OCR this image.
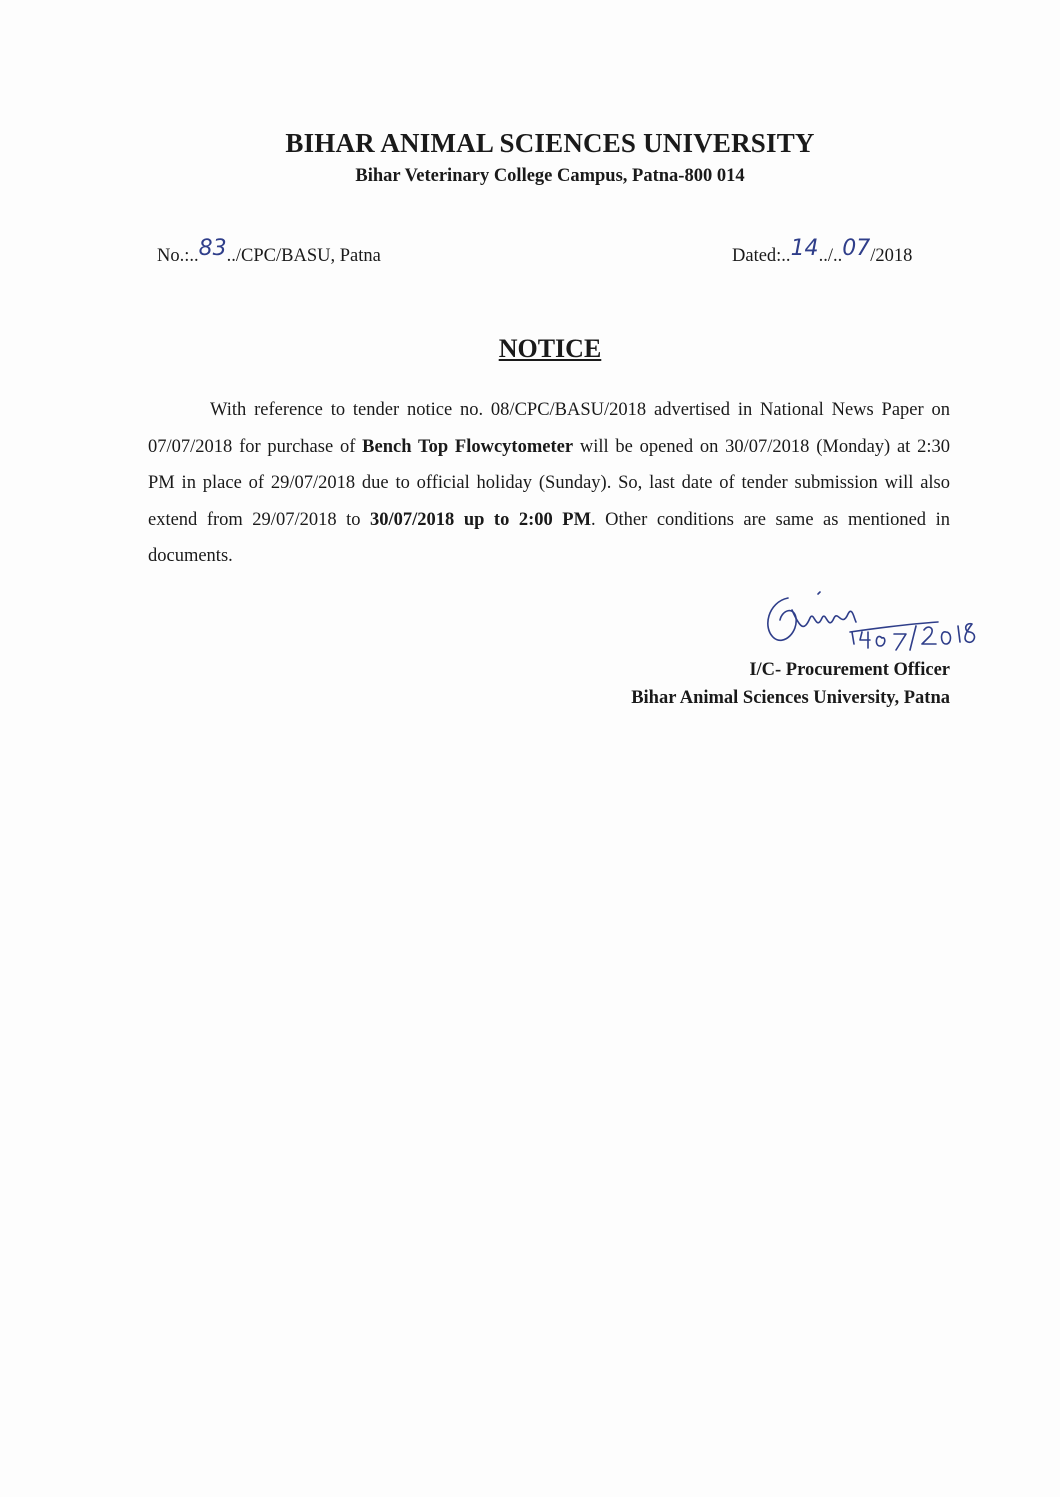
BIHAR ANIMAL SCIENCES UNIVERSITY
Bihar Veterinary College Campus, Patna-800 014
No.:..83../CPC/BASU, Patna	Dated:..14../..07/2018
NOTICE
With reference to tender notice no. 08/CPC/BASU/2018 advertised in National News Paper on 07/07/2018 for purchase of Bench Top Flowcytometer will be opened on 30/07/2018 (Monday) at 2:30 PM in place of 29/07/2018 due to official holiday (Sunday). So, last date of tender submission will also extend from 29/07/2018 to 30/07/2018 up to 2:00 PM. Other conditions are same as mentioned in documents.
I/C- Procurement Officer
Bihar Animal Sciences University, Patna
